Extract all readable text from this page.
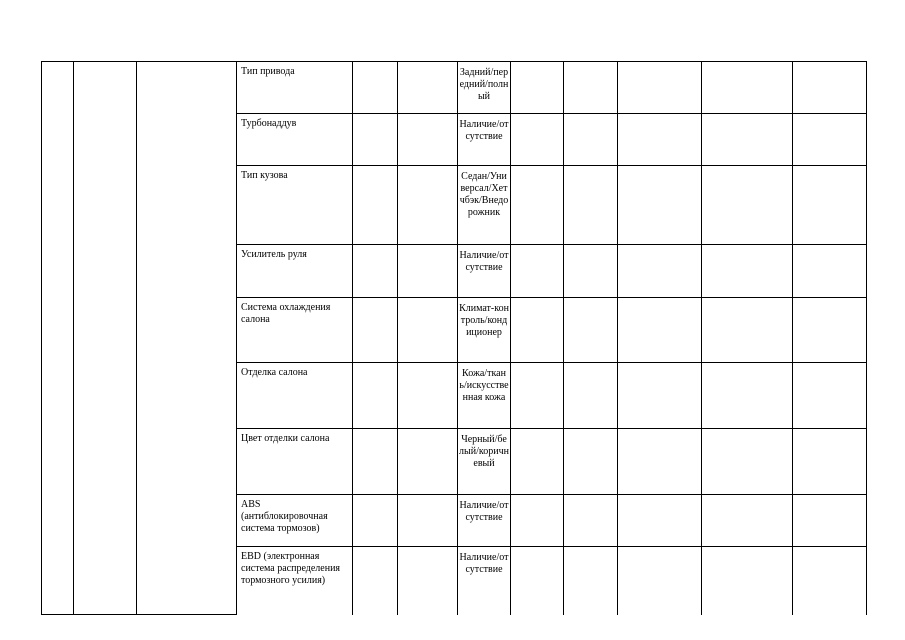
			Тип привода			Задний/передний/полный					
			Турбонаддув			Наличие/отсутствие					
			Тип кузова			Седан/Универсал/Хетчбэк/Внедорожник					
			Усилитель руля			Наличие/отсутствие					
			Система охлаждения салона			Климат-контроль/кондиционер					
			Отделка салона			Кожа/ткань/искусственная кожа					
			Цвет отделки салона			Черный/белый/коричневый					
			ABS (антиблокировочная система тормозов)			Наличие/отсутствие					
			EBD (электронная система распределения тормозного усилия)			Наличие/отсутствие					
